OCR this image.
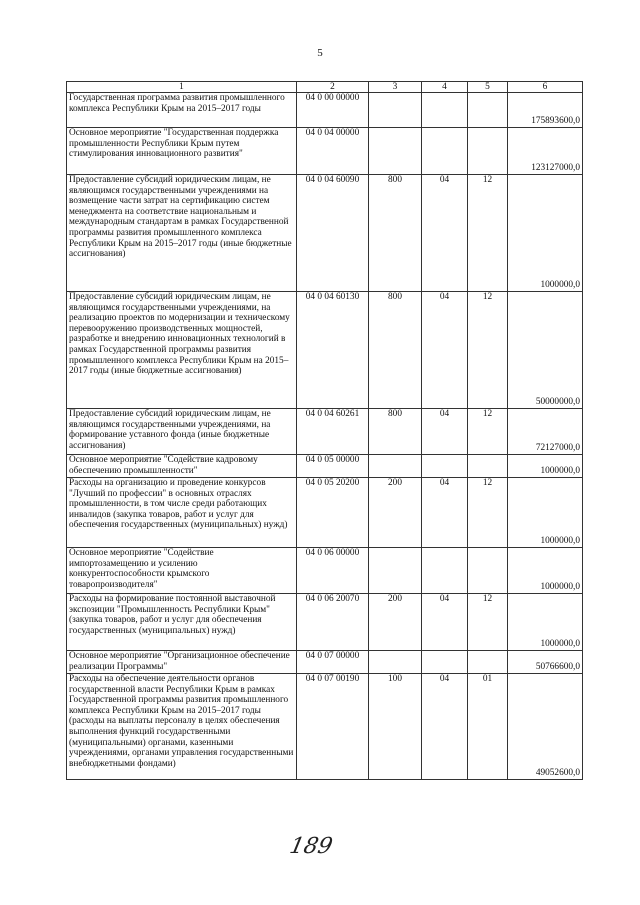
5
1	2	3	4	5	6
Государственная программа развития промышленного комплекса Республики Крым на 2015–2017 годы	04 0 00 00000				175893600,0
Основное мероприятие "Государственная поддержка промышленности Республики Крым путем стимулирования инновационного развития"	04 0 04 00000				123127000,0
Предоставление субсидий юридическим лицам, не являющимся государственными учреждениями на возмещение части затрат на сертификацию систем менеджмента на соответствие национальным и международным стандартам в рамках Государственной программы развития промышленного комплекса Республики Крым на 2015–2017 годы (иные бюджетные ассигнования)	04 0 04 60090	800	04	12	1000000,0
Предоставление субсидий юридическим лицам, не являющимся государственными учреждениями, на реализацию проектов по модернизации и техническому перевооружению производственных мощностей, разработке и внедрению инновационных технологий в рамках Государственной программы развития промышленного комплекса Республики Крым на 2015–2017 годы (иные бюджетные ассигнования)	04 0 04 60130	800	04	12	50000000,0
Предоставление субсидий юридическим лицам, не являющимся государственными учреждениями, на формирование уставного фонда (иные бюджетные ассигнования)	04 0 04 60261	800	04	12	72127000,0
Основное мероприятие "Содействие кадровому обеспечению промышленности"	04 0 05 00000				1000000,0
Расходы на организацию и проведение конкурсов "Лучший по профессии" в основных отраслях промышленности, в том числе среди работающих инвалидов (закупка товаров, работ и услуг для обеспечения государственных (муниципальных) нужд)	04 0 05 20200	200	04	12	1000000,0
Основное мероприятие "Содействие импортозамещению и усилению конкурентоспособности крымского товаропроизводителя"	04 0 06 00000				1000000,0
Расходы на формирование постоянной выставочной экспозиции "Промышленность Республики Крым" (закупка товаров, работ и услуг для обеспечения государственных (муниципальных) нужд)	04 0 06 20070	200	04	12	1000000,0
Основное мероприятие "Организационное обеспечение реализации Программы"	04 0 07 00000				50766600,0
Расходы на обеспечение деятельности органов государственной власти Республики Крым в рамках Государственной программы развития промышленного комплекса Республики Крым на 2015–2017 годы (расходы на выплаты персоналу в целях обеспечения выполнения функций государственными (муниципальными) органами, казенными учреждениями, органами управления государственными внебюджетными фондами)	04 0 07 00190	100	04	01	49052600,0
189
